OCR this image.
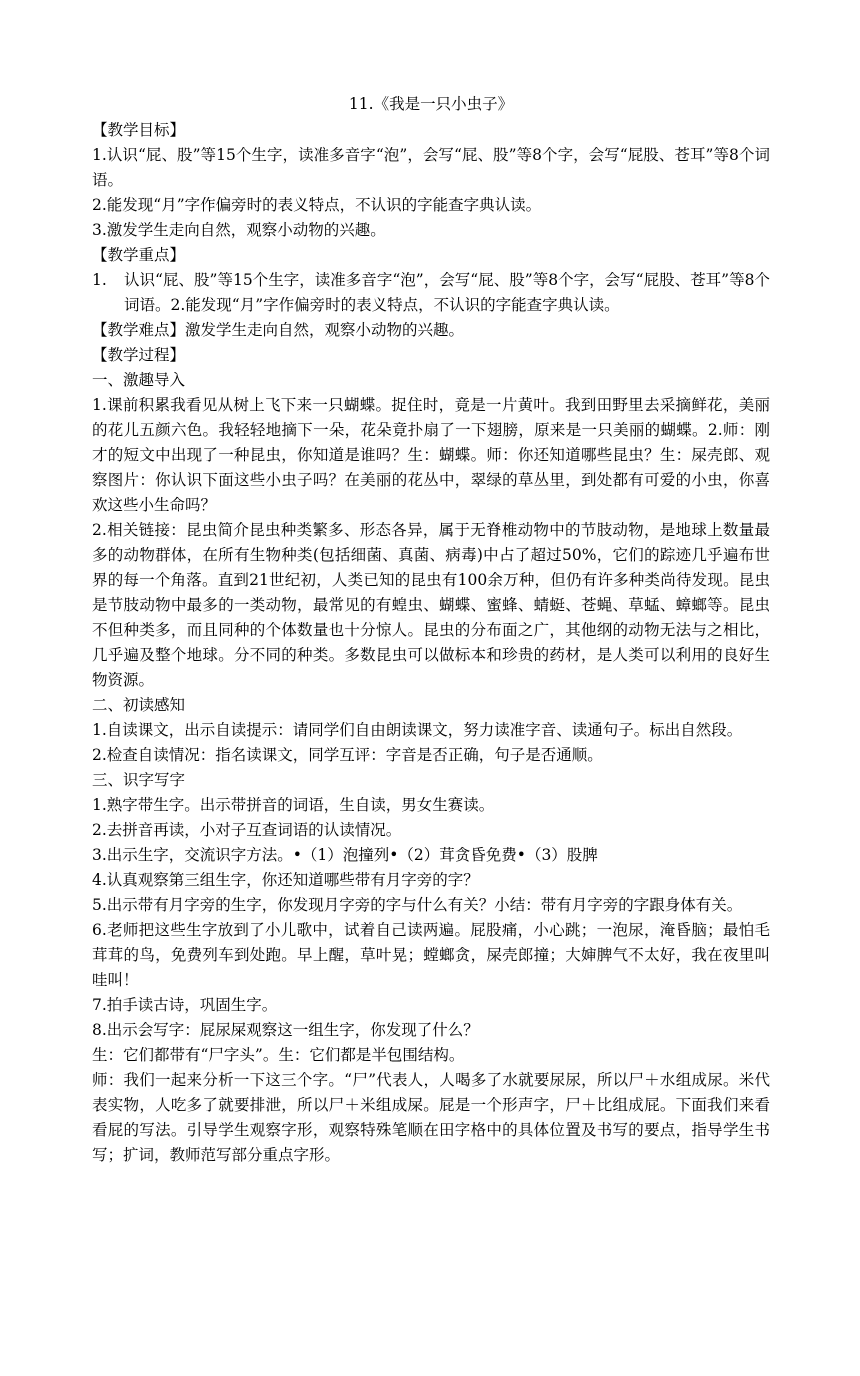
11.《我是一只小虫子》

【教学目标】

1.认识“屁、股”等15个生字，读准多音字“泡”，会写“屁、股”等8个字，会写“屁股、苍耳”等8个词语。

2.能发现“月”字作偏旁时的表义特点，不认识的字能查字典认读。

3.激发学生走向自然，观察小动物的兴趣。

【教学重点】

1.	认识“屁、股”等15个生字，读准多音字“泡”，会写“屁、股”等8个字，会写“屁股、苍耳”等8个词语。2.能发现“月”字作偏旁时的表义特点，不认识的字能查字典认读。

【教学难点】激发学生走向自然，观察小动物的兴趣。

【教学过程】

一、激趣导入

1.课前积累我看见从树上飞下来一只蝴蝶。捉住时，竟是一片黄叶。我到田野里去采摘鲜花，美丽的花儿五颜六色。我轻轻地摘下一朵，花朵竟扑扇了一下翅膀，原来是一只美丽的蝴蝶。2.师：刚才的短文中出现了一种昆虫，你知道是谁吗？生：蝴蝶。师：你还知道哪些昆虫？生：屎壳郎、观察图片：你认识下面这些小虫子吗？在美丽的花丛中，翠绿的草丛里，到处都有可爱的小虫，你喜欢这些小生命吗？

2.相关链接：昆虫简介昆虫种类繁多、形态各异，属于无脊椎动物中的节肢动物，是地球上数量最多的动物群体，在所有生物种类(包括细菌、真菌、病毒)中占了超过50%，它们的踪迹几乎遍布世界的每一个角落。直到21世纪初，人类已知的昆虫有100余万种，但仍有许多种类尚待发现。昆虫是节肢动物中最多的一类动物，最常见的有蝗虫、蝴蝶、蜜蜂、蜻蜓、苍蝇、草蜢、蟑螂等。昆虫不但种类多，而且同种的个体数量也十分惊人。昆虫的分布面之广，其他纲的动物无法与之相比，几乎遍及整个地球。分不同的种类。多数昆虫可以做标本和珍贵的药材，是人类可以利用的良好生物资源。

二、初读感知

1.自读课文，出示自读提示：请同学们自由朗读课文，努力读准字音、读通句子。标出自然段。

2.检查自读情况：指名读课文，同学互评：字音是否正确，句子是否通顺。

三、识字写字

1.熟字带生字。出示带拼音的词语，生自读，男女生赛读。

2.去拼音再读，小对子互查词语的认读情况。

3.出示生字，交流识字方法。•（1）泡撞列•（2）茸贪昏免费•（3）股脾

4.认真观察第三组生字，你还知道哪些带有月字旁的字？

5.出示带有月字旁的生字，你发现月字旁的字与什么有关？小结：带有月字旁的字跟身体有关。

6.老师把这些生字放到了小儿歌中，试着自己读两遍。屁股痛，小心跳；一泡尿，淹昏脑；最怕毛茸茸的鸟，免费列车到处跑。早上醒，草叶晃；螳螂贪，屎壳郎撞；大婶脾气不太好，我在夜里叫哇叫！

7.拍手读古诗，巩固生字。

8.出示会写字：屁尿屎观察这一组生字，你发现了什么？

生：它们都带有“尸字头”。生：它们都是半包围结构。

师：我们一起来分析一下这三个字。“尸”代表人，人喝多了水就要尿尿，所以尸＋水组成尿。米代表实物，人吃多了就要排泄，所以尸＋米组成屎。屁是一个形声字，尸＋比组成屁。下面我们来看看屁的写法。引导学生观察字形，观察特殊笔顺在田字格中的具体位置及书写的要点，指导学生书写；扩词，教师范写部分重点字形。
